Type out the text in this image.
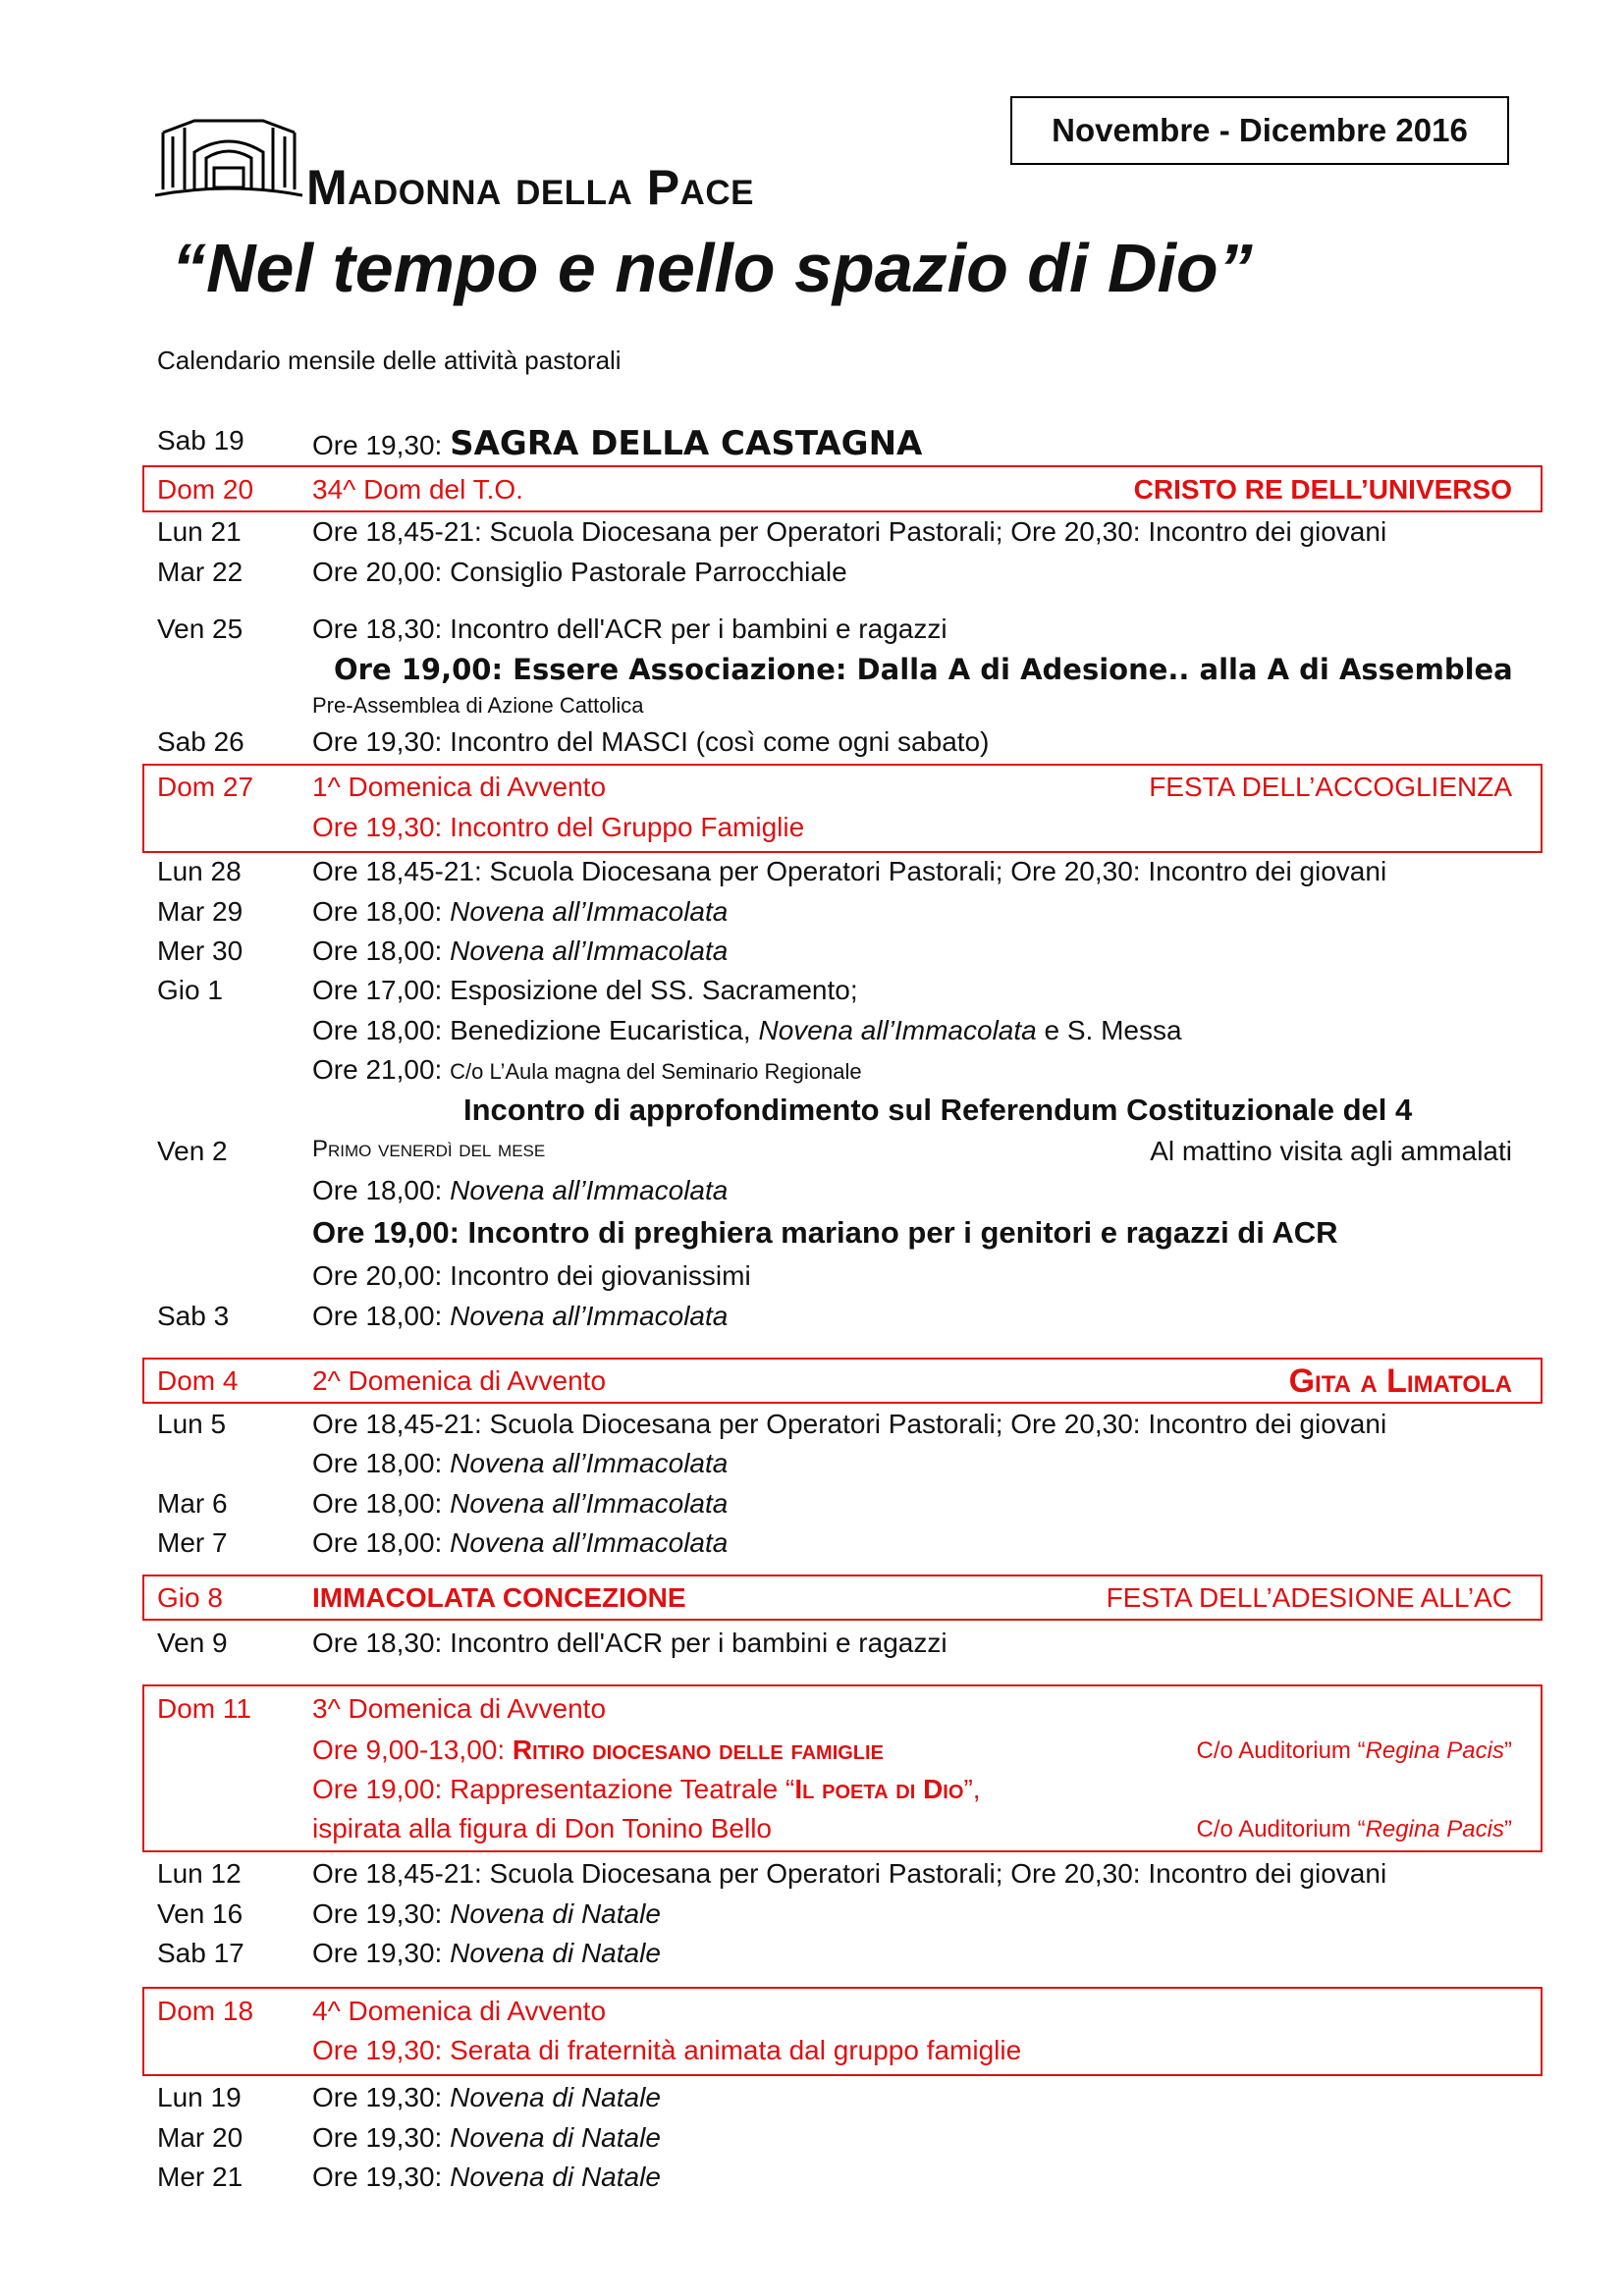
Novembre - Dicembre 2016
Madonna della Pace
“Nel tempo e nello spazio di Dio”
Calendario mensile delle attività pastorali
Sab 19 Ore 19,30: SAGRA DELLA CASTAGNA
Dom 20 34^ Dom del T.O.	CRISTO RE DELL’UNIVERSO
Lun 21	Ore 18,45-21: Scuola Diocesana per Operatori Pastorali; Ore 20,30: Incontro dei giovani
Mar 22	Ore 20,00: Consiglio Pastorale Parrocchiale
Ven 25	Ore 18,30: Incontro dell'ACR per i bambini e ragazzi
Ore 19,00: Essere Associazione: Dalla A di Adesione.. alla A di Assemblea
Pre-Assemblea di Azione Cattolica
Sab 26 Ore 19,30: Incontro del MASCI (così come ogni sabato)
Dom 27 1^ Domenica di Avvento	FESTA DELL’ACCOGLIENZA
Ore 19,30: Incontro del Gruppo Famiglie
Lun 28	Ore 18,45-21: Scuola Diocesana per Operatori Pastorali; Ore 20,30: Incontro dei giovani
Mar 29	Ore 18,00: Novena all’Immacolata
Mer 30	Ore 18,00: Novena all’Immacolata
Gio 1	Ore 17,00: Esposizione del SS. Sacramento;
Ore 18,00: Benedizione Eucaristica, Novena all’Immacolata e S. Messa
Ore 21,00: C/o L’Aula magna del Seminario Regionale
Incontro di approfondimento sul Referendum Costituzionale del 4
Ven 2	Primo venerdì del mese	Al mattino visita agli ammalati
Ore 18,00: Novena all’Immacolata
Ore 19,00: Incontro di preghiera mariano per i genitori e ragazzi di ACR
Ore 20,00: Incontro dei giovanissimi
Sab 3	Ore 18,00: Novena all’Immacolata
Dom 4	2^ Domenica di Avvento	Gita a Limatola
Lun 5	Ore 18,45-21: Scuola Diocesana per Operatori Pastorali; Ore 20,30: Incontro dei giovani
Ore 18,00: Novena all’Immacolata
Mar 6	Ore 18,00: Novena all’Immacolata
Mer 7	Ore 18,00: Novena all’Immacolata
Gio 8	IMMACOLATA CONCEZIONE	FESTA DELL’ADESIONE ALL’AC
Ven 9	Ore 18,30: Incontro dell'ACR per i bambini e ragazzi
Dom 11 3^ Domenica di Avvento
Ore 9,00-13,00: Ritiro diocesano delle famiglie	C/o Auditorium “Regina Pacis”
Ore 19,00: Rappresentazione Teatrale “Il poeta di Dio”,
ispirata alla figura di Don Tonino Bello	C/o Auditorium “Regina Pacis”
Lun 12	Ore 18,45-21: Scuola Diocesana per Operatori Pastorali; Ore 20,30: Incontro dei giovani
Ven 16	Ore 19,30: Novena di Natale
Sab 17 Ore 19,30: Novena di Natale
Dom 18 4^ Domenica di Avvento
Ore 19,30: Serata di fraternità animata dal gruppo famiglie
Lun 19	Ore 19,30: Novena di Natale
Mar 20	Ore 19,30: Novena di Natale
Mer 21	Ore 19,30: Novena di Natale
